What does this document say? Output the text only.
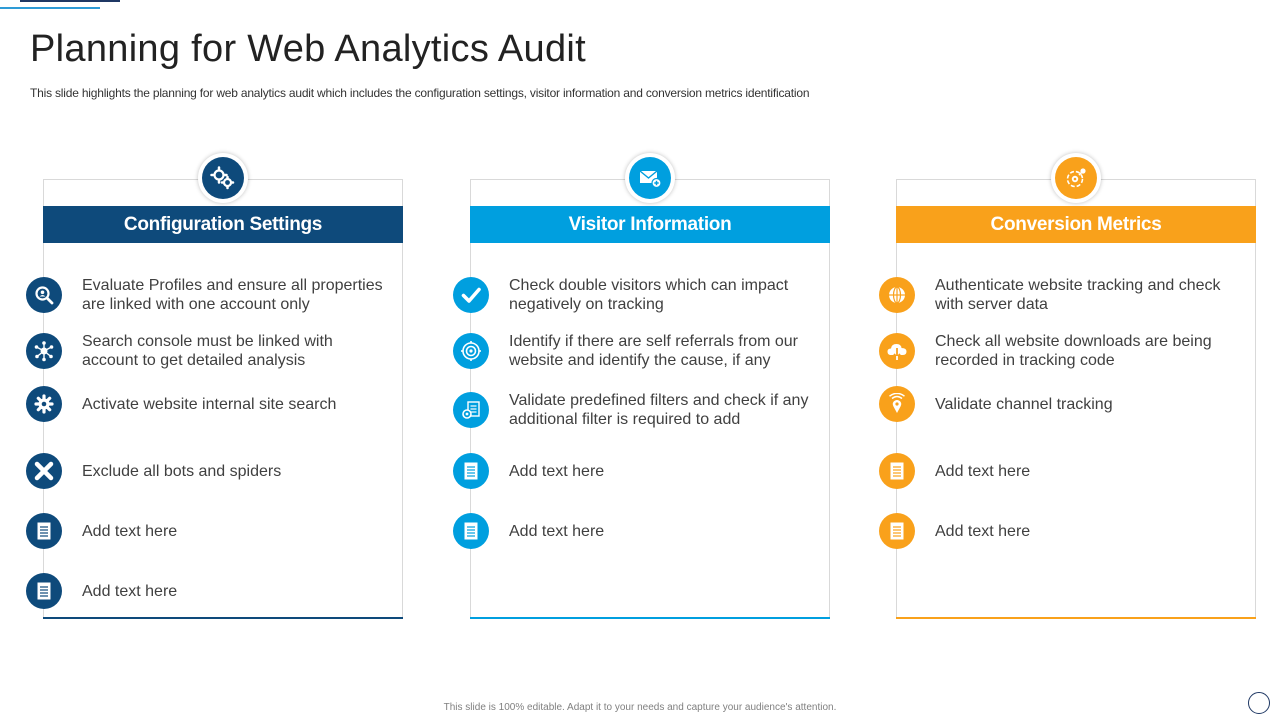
Planning for Web Analytics Audit

This slide highlights the planning for web analytics audit which includes the configuration settings, visitor information and conversion metrics identification

Configuration Settings
Evaluate Profiles and ensure all properties are linked with one account only
Search console must be linked with account to get detailed analysis
Activate website internal site search
Exclude all bots and spiders
Add text here
Add text here
Visitor Information
Check double visitors which can impact negatively on tracking
Identify if there are self referrals from our website and identify the cause, if any
Validate predefined filters and check if any additional filter is required to add
Add text here
Add text here
Conversion Metrics
Authenticate website tracking and check with server data
Check all website downloads are being recorded in tracking code
Validate channel tracking
Add text here
Add text here
This slide is 100% editable. Adapt it to your needs and capture your audience's attention.
